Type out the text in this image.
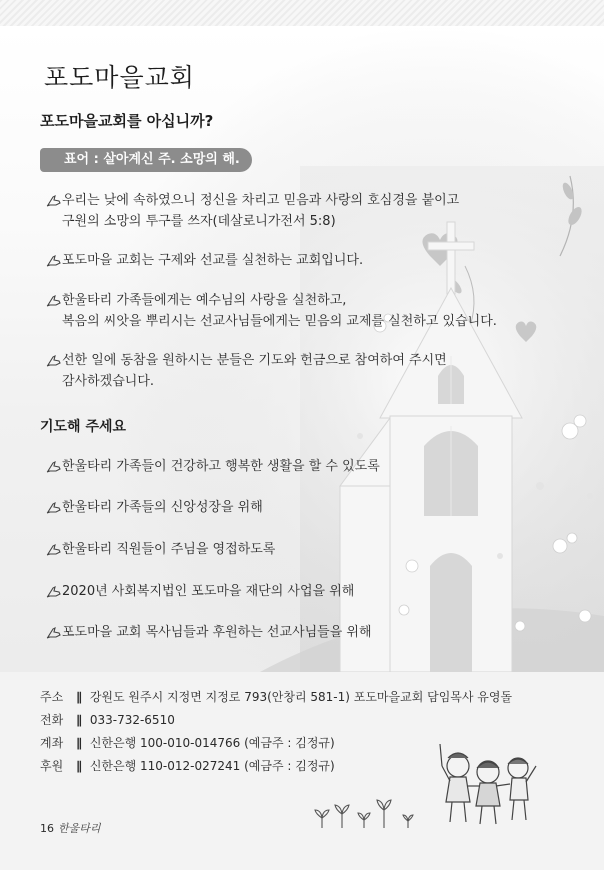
포도마을교회
포도마을교회를 아십니까?
표어 : 살아계신 주. 소망의 해.
우리는 낮에 속하였으니 정신을 차리고 믿음과 사랑의 호심경을 붙이고
구원의 소망의 투구를 쓰자(데살로니가전서 5:8)
포도마을 교회는 구제와 선교를 실천하는 교회입니다.
한울타리 가족들에게는 예수님의 사랑을 실천하고,
복음의 씨앗을 뿌리시는 선교사님들에게는 믿음의 교제를 실천하고 있습니다.
선한 일에 동참을 원하시는 분들은 기도와 헌금으로 참여하여 주시면
감사하겠습니다.
기도해 주세요
한울타리 가족들이 건강하고 행복한 생활을 할 수 있도록
한울타리 가족들의 신앙성장을 위해
한울타리 직원들이 주님을 영접하도록
2020년 사회복지법인 포도마을 재단의 사업을 위해
포도마을 교회 목사님들과 후원하는 선교사님들을 위해
주소 ∥ 강원도 원주시 지정면 지정로 793(안창리 581-1) 포도마을교회 담임목사 유영돌
전화 ∥ 033-732-6510
계좌 ∥ 신한은행 100-010-014766 (예금주 : 김정규)
후원 ∥ 신한은행 110-012-027241 (예금주 : 김정규)
16 한울타리
